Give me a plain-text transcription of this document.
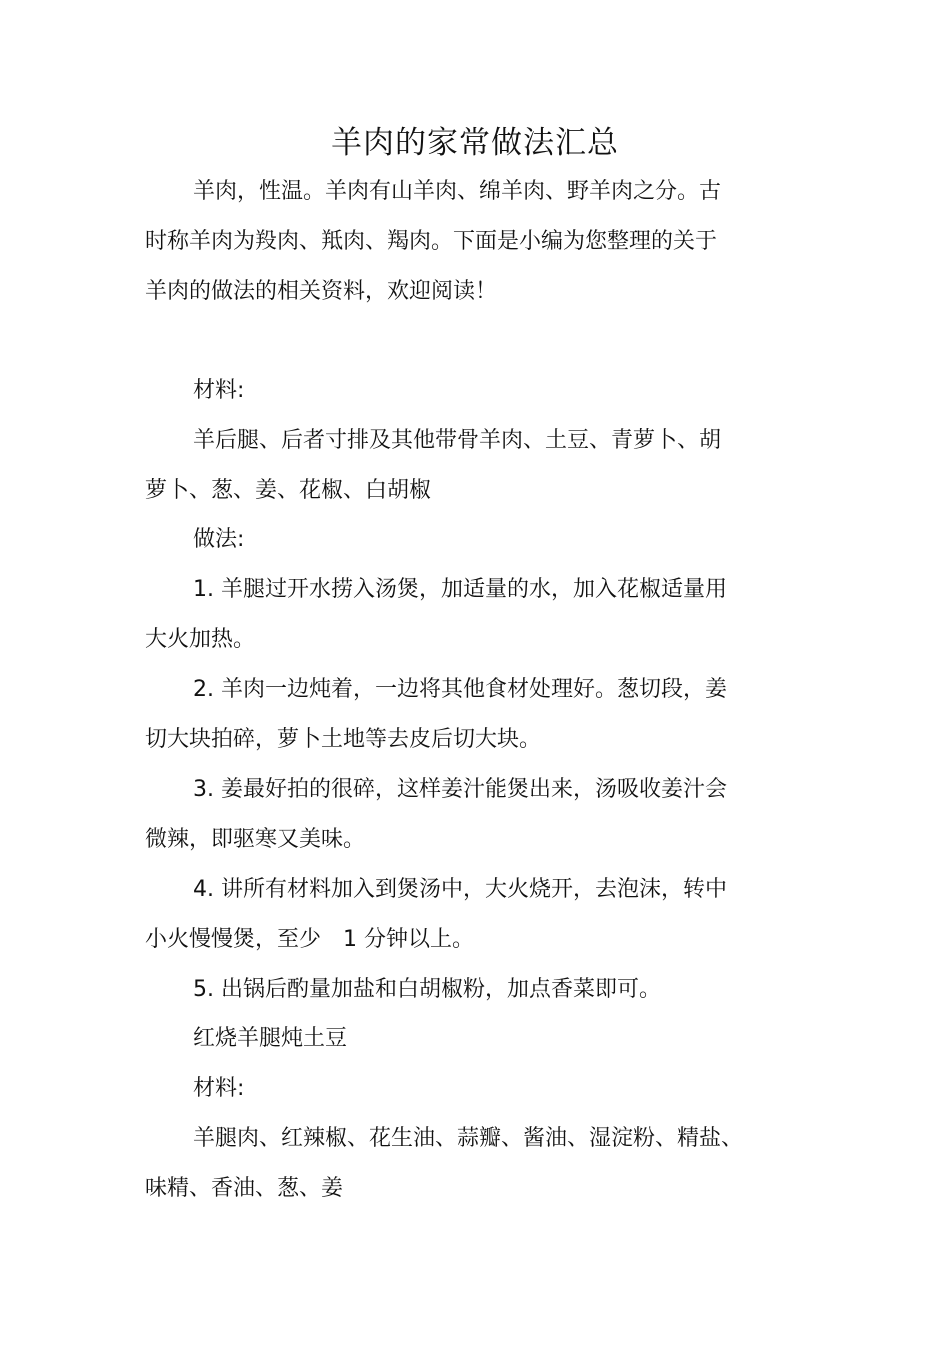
羊肉的家常做法汇总

羊肉，性温。羊肉有山羊肉、绵羊肉、野羊肉之分。古
时称羊肉为羖肉、羝肉、羯肉。下面是小编为您整理的关于
羊肉的做法的相关资料，欢迎阅读！

材料:

羊后腿、后者寸排及其他带骨羊肉、土豆、青萝卜、胡
萝卜、葱、姜、花椒、白胡椒

做法:

1. 羊腿过开水捞入汤煲，加适量的水，加入花椒适量用
大火加热。

2. 羊肉一边炖着，一边将其他食材处理好。葱切段，姜
切大块拍碎，萝卜土地等去皮后切大块。

3. 姜最好拍的很碎，这样姜汁能煲出来，汤吸收姜汁会
微辣，即驱寒又美味。

4. 讲所有材料加入到煲汤中，大火烧开，去泡沫，转中
小火慢慢煲，至少　1 分钟以上。

5. 出锅后酌量加盐和白胡椒粉，加点香菜即可。

红烧羊腿炖土豆

材料:

羊腿肉、红辣椒、花生油、蒜瓣、酱油、湿淀粉、精盐、
味精、香油、葱、姜
